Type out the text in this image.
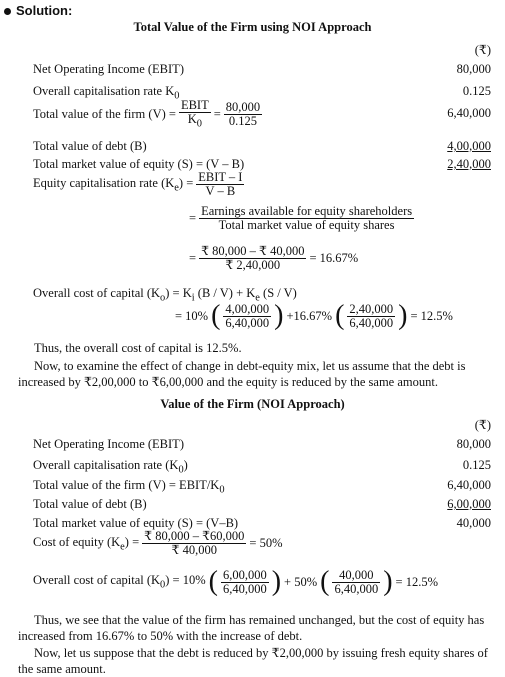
Solution:
Total Value of the Firm using NOI Approach
(₹)
Net Operating Income (EBIT)	80,000
Overall capitalisation rate $K_0$	0.125
Total value of the firm $(V) = \frac{\text{EBIT}}{K_0} = \frac{80,000}{0.125}$	6,40,000
Total value of debt (B)	4,00,000
Total market value of equity (S) = (V – B)	2,40,000
Equity capitalisation rate $(K_e) = \frac{\text{EBIT – I}}{V - B}$
= $\frac{\text{Earnings available for equity shareholders}}{\text{Total market value of equity shares}}$
= $\frac{₹ 80,000 - ₹ 40,000}{₹ 2,40,000} = 16.67\%$
Overall cost of capital $(K_o) = K_i$ $(B / V) + K_e$ (S / V)
= 10% ( $\frac{4,00,000}{6,40,000}$ ) +16.67% ( $\frac{2,40,000}{6,40,000}$ ) = 12.5%
Thus, the overall cost of capital is 12.5%.
Now, to examine the effect of change in debt-equity mix, let us assume that the debt is increased by ₹2,00,000 to ₹6,00,000 and the equity is reduced by the same amount.
Value of the Firm (NOI Approach)
(₹)
Net Operating Income (EBIT)	80,000
Overall capitalisation rate $(K_0)$	0.125
Total value of the firm (V) = EBIT/$K_0$	6,40,000
Total value of debt (B)	6,00,000
Total market value of equity (S) = (V–B)	40,000
Cost of equity $(K_e) = \frac{₹ 80,000 - ₹60,000}{₹ 40,000} = 50\%$
Overall cost of capital $(K_0) = 10\%$ ( $\frac{6,00,000}{6,40,000}$ ) + 50% ( $\frac{40,000}{6,40,000}$ ) = 12.5%
Thus, we see that the value of the firm has remained unchanged, but the cost of equity has increased from 16.67% to 50% with the increase of debt.
Now, let us suppose that the debt is reduced by ₹2,00,000 by issuing fresh equity shares of the same amount.
